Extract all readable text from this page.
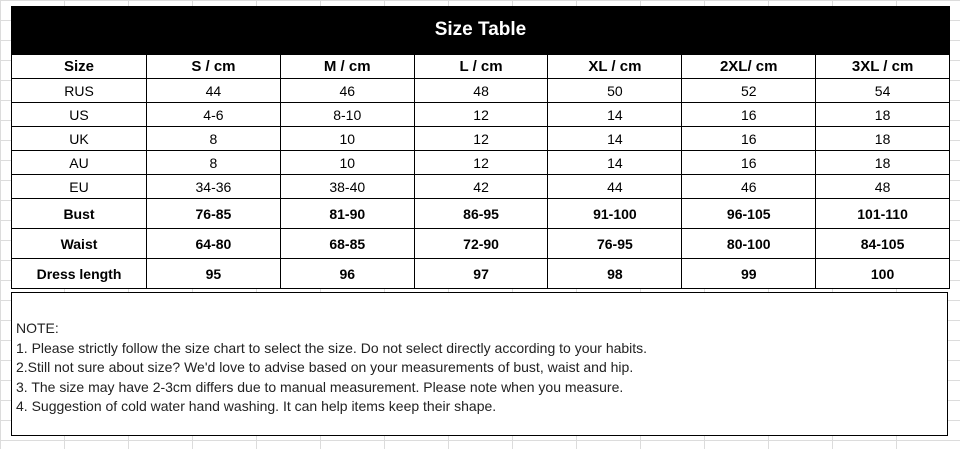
Size Table
Size	S / cm	M / cm	L / cm	XL / cm	2XL/ cm	3XL / cm
RUS	44	46	48	50	52	54
US	4-6	8-10	12	14	16	18
UK	8	10	12	14	16	18
AU	8	10	12	14	16	18
EU	34-36	38-40	42	44	46	48
Bust	76-85	81-90	86-95	91-100	96-105	101-110
Waist	64-80	68-85	72-90	76-95	80-100	84-105
Dress length	95	96	97	98	99	100
NOTE:
1. Please strictly follow the size chart to select the size. Do not select directly according to your habits.
2.Still not sure about size? We'd love to advise based on your measurements of bust, waist and hip.
3. The size may have 2-3cm differs due to manual measurement. Please note when you measure.
4. Suggestion of cold water hand washing. It can help items keep their shape.
